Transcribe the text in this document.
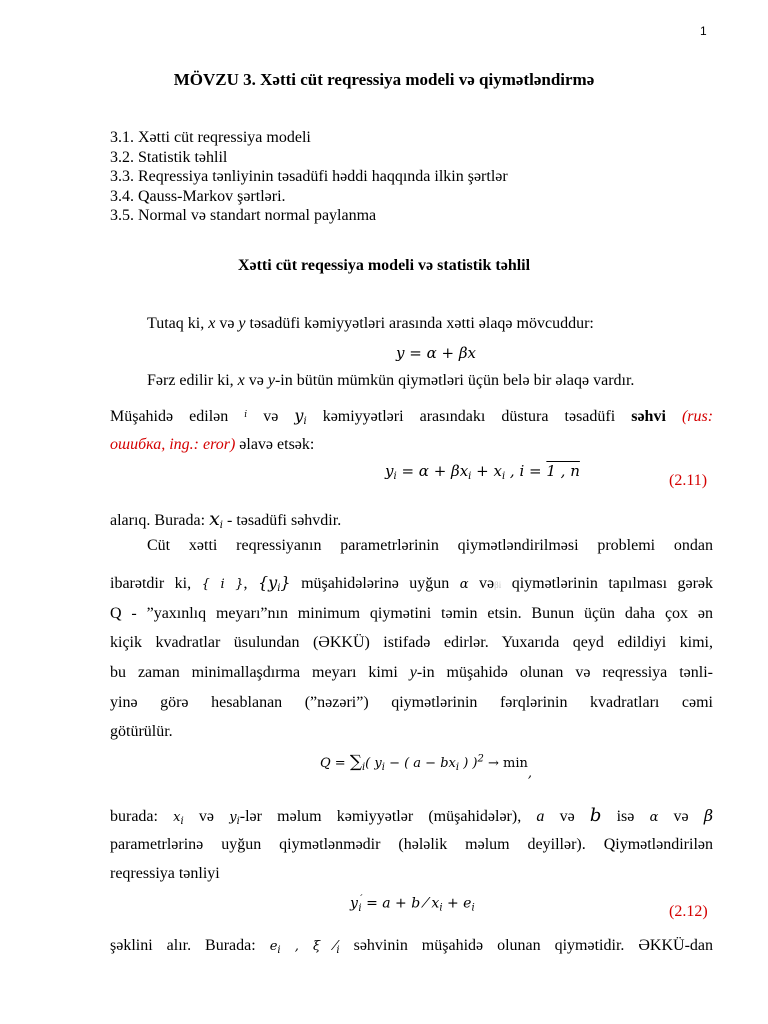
1
MÖVZU 3. Xətti cüt reqressiya modeli və qiymətləndirmə
3.1. Xətti cüt reqressiya modeli
3.2. Statistik təhlil
3.3. Reqressiya tənliyinin təsadüfi həddi haqqında ilkin şərtlər
3.4. Qauss-Markov şərtləri.
3.5. Normal və standart normal paylanma
Xətti cüt reqessiya modeli və statistik təhlil
Tutaq ki, x və y təsadüfi kəmiyyətləri arasında xətti əlaqə mövcuddur:
y = α + βx
Fərz edilir ki, x və y-in bütün mümkün qiymətləri üçün belə bir əlaqə vardır.
Müşahidə edilən $^i$ və $y_i$ kəmiyyətləri arasındakı düstura təsadüfi səhvi (rus:
ошибка, ing.: eror) əlavə etsək:
$y_i = \alpha + \beta x_i + x_i$ , i = 1 , n
(2.11)
alarıq. Burada: $x_i$ - təsadüfi səhvdir.
Cüt xətti reqressiyanın parametrlərinin qiymətləndirilməsi problemi ondan
ibarətdir ki, { i }, $\{y_i\}$ müşahidələrinə uyğun α vəβi qiymətlərinin tapılması gərək
Q - ”yaxınlıq meyarı”nın minimum qiymətini təmin etsin. Bunun üçün daha çox ən
kiçik kvadratlar üsulundan (ƏKKÜ) istifadə edirlər. Yuxarıda qeyd edildiyi kimi,
bu zaman minimallaşdırma meyarı kimi y-in müşahidə olunan və reqressiya tənli-
yinə görə hesablanan (”nəzəri”) qiymətlərinin fərqlərinin kvadratları cəmi
götürülür.
$Q = \sum_i$( $y_i$ − ( $a - bx_i$ ) )$^2$ → min,
burada: $x_i$ və $y_i$-lər məlum kəmiyyətlər (müşahidələr), a və b isə α və β
parametrlərinə uyğun qiymətlənmədir (hələlik məlum deyillər). Qiymətləndirilən
reqressiya tənliyi
$y^ˊ_i = a + b$ ⁄ $x_i + e_i$	(2.12)
şəklini alır. Burada: $e_i$ , ξ $⁄_i$ səhvinin müşahidə olunan qiymətidir. ƏKKÜ-dan
